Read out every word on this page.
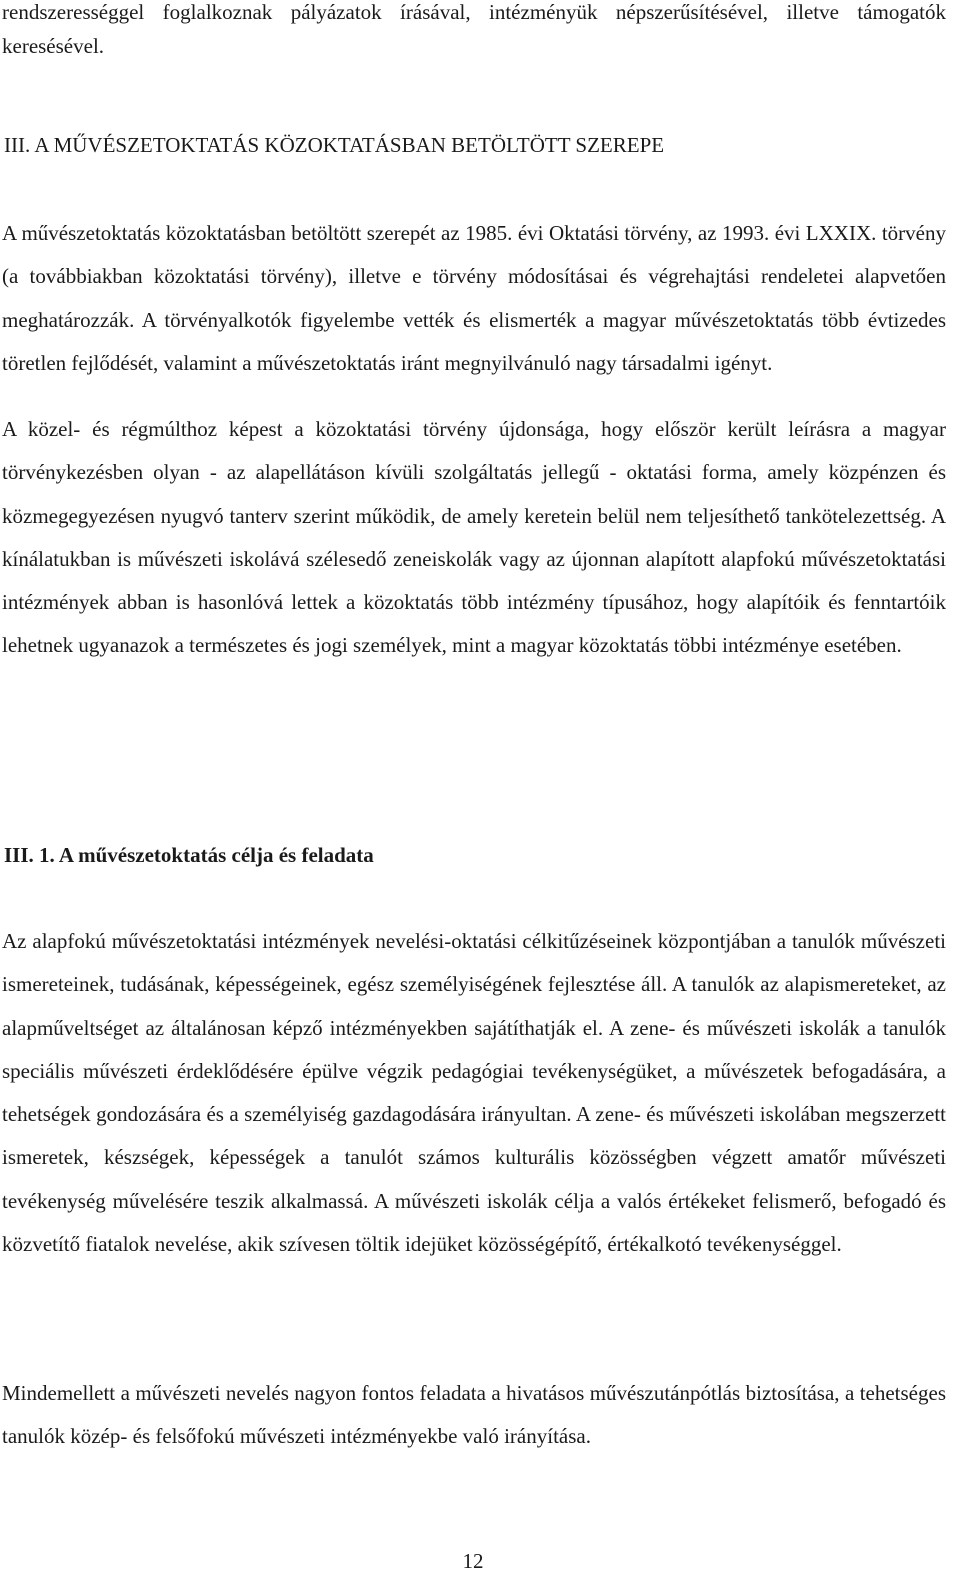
rendszerességgel foglalkoznak pályázatok írásával, intézményük népszerűsítésével, illetve támogatók keresésével.

III. A MŰVÉSZETOKTATÁS KÖZOKTATÁSBAN BETÖLTÖTT SZEREPE

A művészetoktatás közoktatásban betöltött szerepét az 1985. évi Oktatási törvény, az 1993. évi LXXIX. törvény (a továbbiakban közoktatási törvény), illetve e törvény módosításai és végrehajtási rendeletei alapvetően meghatározzák. A törvényalkotók figyelembe vették és elismerték a magyar művészetoktatás több évtizedes töretlen fejlődését, valamint a művészetoktatás iránt megnyilvánuló nagy társadalmi igényt.

A közel- és régmúlthoz képest a közoktatási törvény újdonsága, hogy először került leírásra a magyar törvénykezésben olyan - az alapellátáson kívüli szolgáltatás jellegű - oktatási forma, amely közpénzen és közmegegyezésen nyugvó tanterv szerint működik, de amely keretein belül nem teljesíthető tankötelezettség. A kínálatukban is művészeti iskolává szélesedő zeneiskolák vagy az újonnan alapított alapfokú művészetoktatási intézmények abban is hasonlóvá lettek a közoktatás több intézmény típusához, hogy alapítóik és fenntartóik lehetnek ugyanazok a természetes és jogi személyek, mint a magyar közoktatás többi intézménye esetében.

III. 1. A művészetoktatás célja és feladata

Az alapfokú művészetoktatási intézmények nevelési-oktatási célkitűzéseinek központjában a tanulók művészeti ismereteinek, tudásának, képességeinek, egész személyiségének fejlesztése áll. A tanulók az alapismereteket, az alapműveltséget az általánosan képző intézményekben sajátíthatják el. A zene- és művészeti iskolák a tanulók speciális művészeti érdeklődésére épülve végzik pedagógiai tevékenységüket, a művészetek befogadására, a tehetségek gondozására és a személyiség gazdagodására irányultan. A zene- és művészeti iskolában megszerzett ismeretek, készségek, képességek a tanulót számos kulturális közösségben végzett amatőr művészeti tevékenység művelésére teszik alkalmassá. A művészeti iskolák célja a valós értékeket felismerő, befogadó és közvetítő fiatalok nevelése, akik szívesen töltik idejüket közösségépítő, értékalkotó tevékenységgel.

Mindemellett a művészeti nevelés nagyon fontos feladata a hivatásos művészutánpótlás biztosítása, a tehetséges tanulók közép- és felsőfokú művészeti intézményekbe való irányítása.

12
